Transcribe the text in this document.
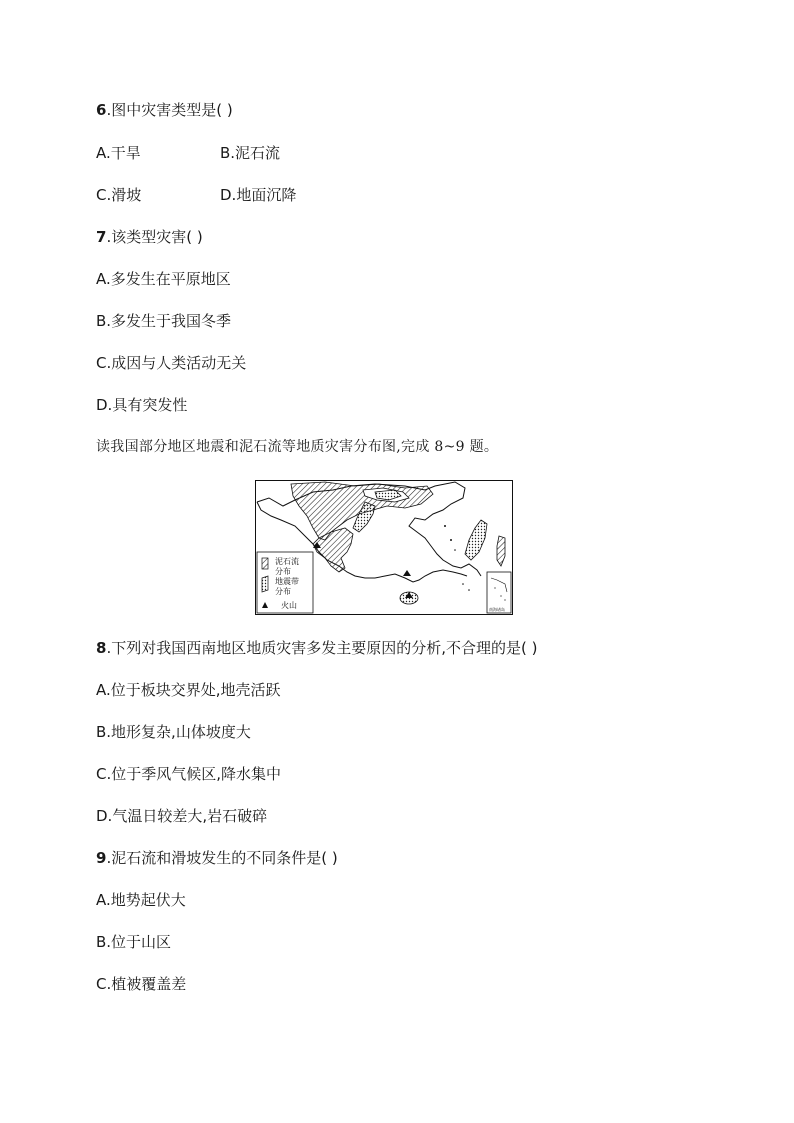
6.图中灾害类型是( )
A.干旱	B.泥石流
C.滑坡	D.地面沉降
7.该类型灾害( )
A.多发生在平原地区
B.多发生于我国冬季
C.成因与人类活动无关
D.具有突发性
读我国部分地区地震和泥石流等地质灾害分布图,完成 8~9 题。
泥石流
分布
地震带
分布
火山	南海诸岛
8.下列对我国西南地区地质灾害多发主要原因的分析,不合理的是( )
A.位于板块交界处,地壳活跃
B.地形复杂,山体坡度大
C.位于季风气候区,降水集中
D.气温日较差大,岩石破碎
9.泥石流和滑坡发生的不同条件是( )
A.地势起伏大
B.位于山区
C.植被覆盖差
